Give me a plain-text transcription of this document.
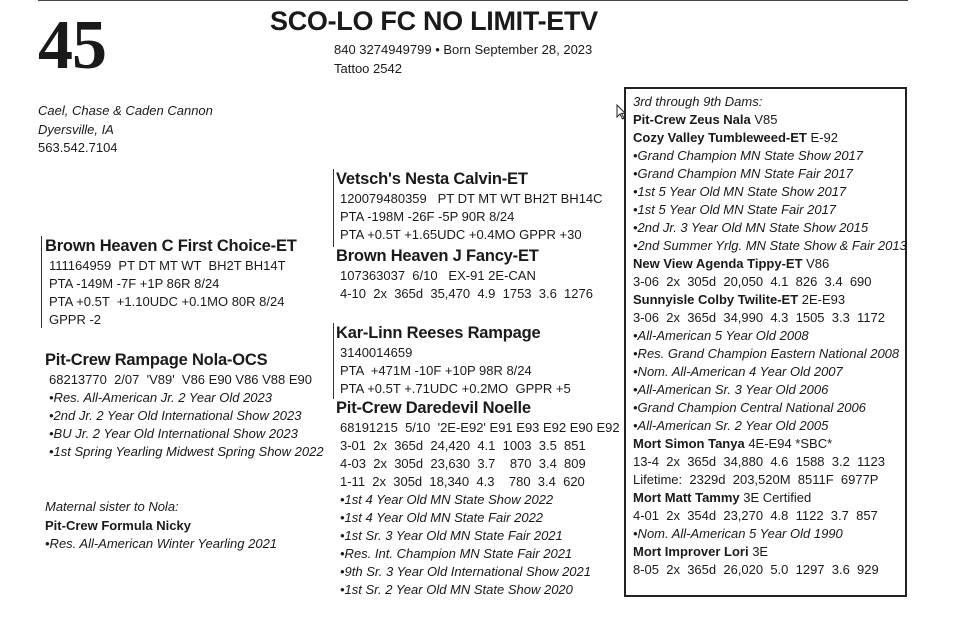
45	SCO-LO FC NO LIMIT-ETV
840 3274949799 • Born September 28, 2023
Tattoo 2542
Cael, Chase & Caden Cannon
Dyersville, IA
563.542.7104
Brown Heaven C First Choice-ET
111164959  PT DT MT WT  BH2T BH14T
PTA -149M -7F +1P 86R 8/24
PTA +0.5T  +1.10UDC +0.1MO 80R 8/24
GPPR -2
Vetsch's Nesta Calvin-ET
120079480359   PT DT MT WT BH2T BH14C
PTA -198M -26F -5P 90R 8/24
PTA +0.5T +1.65UDC +0.4MO GPPR +30
Brown Heaven J Fancy-ET
107363037  6/10   EX-91 2E-CAN
4-10  2x  365d  35,470  4.9  1753  3.6  1276
Pit-Crew Rampage Nola-OCS
68213770  2/07  'V89'  V86 E90 V86 V88 E90
•Res. All-American Jr. 2 Year Old 2023
•2nd Jr. 2 Year Old International Show 2023
•BU Jr. 2 Year Old International Show 2023
•1st Spring Yearling Midwest Spring Show 2022
Kar-Linn Reeses Rampage
3140014659
PTA  +471M -10F +10P 98R 8/24
PTA +0.5T +.71UDC +0.2MO  GPPR +5
Pit-Crew Daredevil Noelle
68191215  5/10  '2E-E92' E91 E93 E92 E90 E92
3-01  2x  365d  24,420  4.1  1003  3.5  851
4-03  2x  305d  23,630  3.7    870  3.4  809
1-11  2x  305d  18,340  4.3    780  3.4  620
•1st 4 Year Old MN State Show 2022
•1st 4 Year Old MN State Fair 2022
•1st Sr. 3 Year Old MN State Fair 2021
•Res. Int. Champion MN State Fair 2021
•9th Sr. 3 Year Old International Show 2021
•1st Sr. 2 Year Old MN State Show 2020
Maternal sister to Nola:
Pit-Crew Formula Nicky
•Res. All-American Winter Yearling 2021
3rd through 9th Dams:
Pit-Crew Zeus Nala V85
Cozy Valley Tumbleweed-ET E-92
•Grand Champion MN State Show 2017
•Grand Champion MN State Fair 2017
•1st 5 Year Old MN State Show 2017
•1st 5 Year Old MN State Fair 2017
•2nd Jr. 3 Year Old MN State Show 2015
•2nd Summer Yrlg. MN State Show & Fair 2013
New View Agenda Tippy-ET V86
3-06  2x  305d  20,050  4.1  826  3.4  690
Sunnyisle Colby Twilite-ET 2E-E93
3-06  2x  365d  34,990  4.3  1505  3.3  1172
•All-American 5 Year Old 2008
•Res. Grand Champion Eastern National 2008
•Nom. All-American 4 Year Old 2007
•All-American Sr. 3 Year Old 2006
•Grand Champion Central National 2006
•All-American Sr. 2 Year Old 2005
Mort Simon Tanya 4E-E94 *SBC*
13-4  2x  365d  34,880  4.6  1588  3.2  1123
Lifetime:  2329d  203,520M  8511F  6977P
Mort Matt Tammy 3E Certified
4-01  2x  354d  23,270  4.8  1122  3.7  857
•Nom. All-American 5 Year Old 1990
Mort Improver Lori 3E
8-05  2x  365d  26,020  5.0  1297  3.6  929
